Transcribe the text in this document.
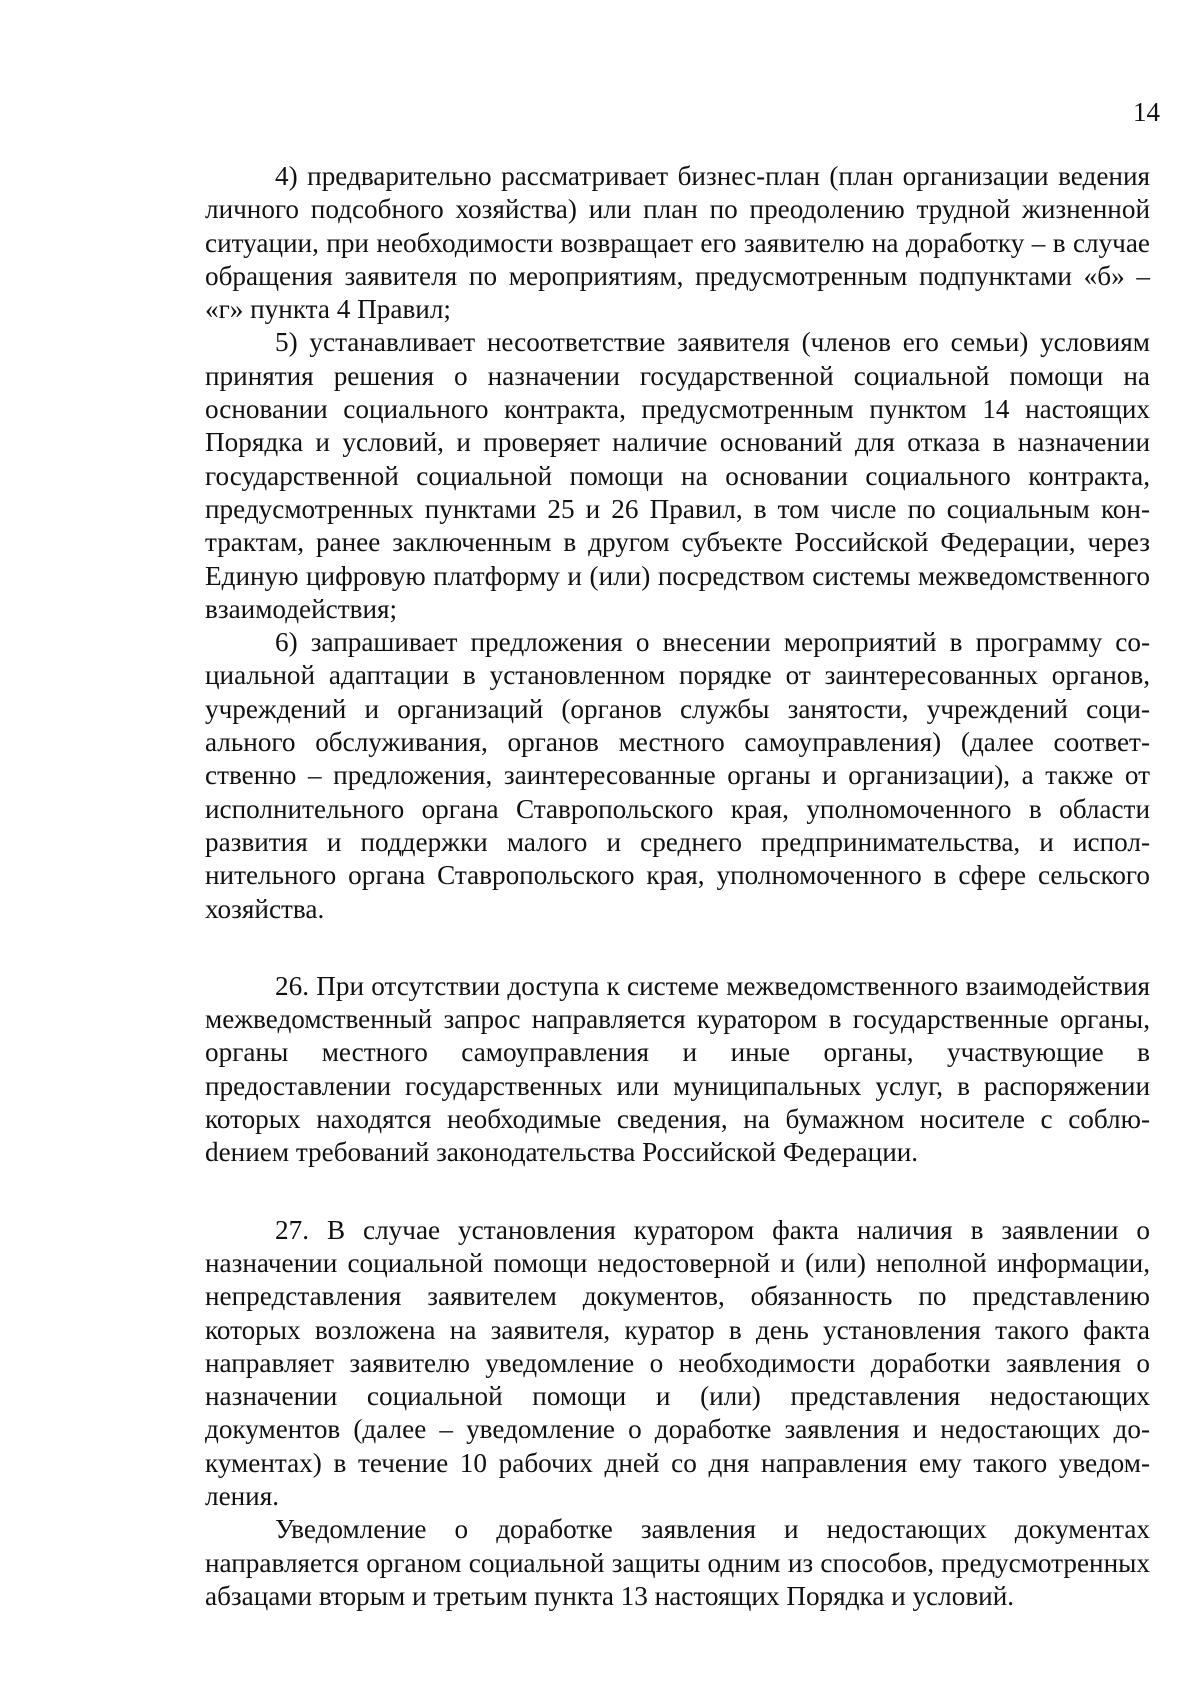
14

4) предварительно рассматривает бизнес-план (план организации ведения личного подсобного хозяйства) или план по преодолению трудной жизненной ситуации, при необходимости возвращает его заявителю на доработку – в случае обращения заявителя по мероприятиям, предусмотренным подпунктами «б» – «г» пункта 4 Правил;

5) устанавливает несоответствие заявителя (членов его семьи) условиям принятия решения о назначении государственной социальной помощи на основании социального контракта, предусмотренным пунктом 14 настоящих Порядка и условий, и проверяет наличие оснований для отказа в назначении государственной социальной помощи на основании социального контракта, предусмотренных пунктами 25 и 26 Правил, в том числе по социальным контрактам, ранее заключенным в другом субъекте Российской Федерации, через Единую цифровую платформу и (или) посредством системы межведомственного взаимодействия;

6) запрашивает предложения о внесении мероприятий в программу социальной адаптации в установленном порядке от заинтересованных органов, учреждений и организаций (органов службы занятости, учреждений социального обслуживания, органов местного самоуправления) (далее соответственно – предложения, заинтересованные органы и организации), а также от исполнительного органа Ставропольского края, уполномоченного в области развития и поддержки малого и среднего предпринимательства, и исполнительного органа Ставропольского края, уполномоченного в сфере сельского хозяйства.

26. При отсутствии доступа к системе межведомственного взаимодействия межведомственный запрос направляется куратором в государственные органы, органы местного самоуправления и иные органы, участвующие в предоставлении государственных или муниципальных услуг, в распоряжении которых находятся необходимые сведения, на бумажном носителе с соблюdением требований законодательства Российской Федерации.

27. В случае установления куратором факта наличия в заявлении о назначении социальной помощи недостоверной и (или) неполной информации, непредставления заявителем документов, обязанность по представлению которых возложена на заявителя, куратор в день установления такого факта направляет заявителю уведомление о необходимости доработки заявления о назначении социальной помощи и (или) представления недостающих документов (далее – уведомление о доработке заявления и недостающих документах) в течение 10 рабочих дней со дня направления ему такого уведомления.

Уведомление о доработке заявления и недостающих документах направляется органом социальной защиты одним из способов, предусмотренных абзацами вторым и третьим пункта 13 настоящих Порядка и условий.
